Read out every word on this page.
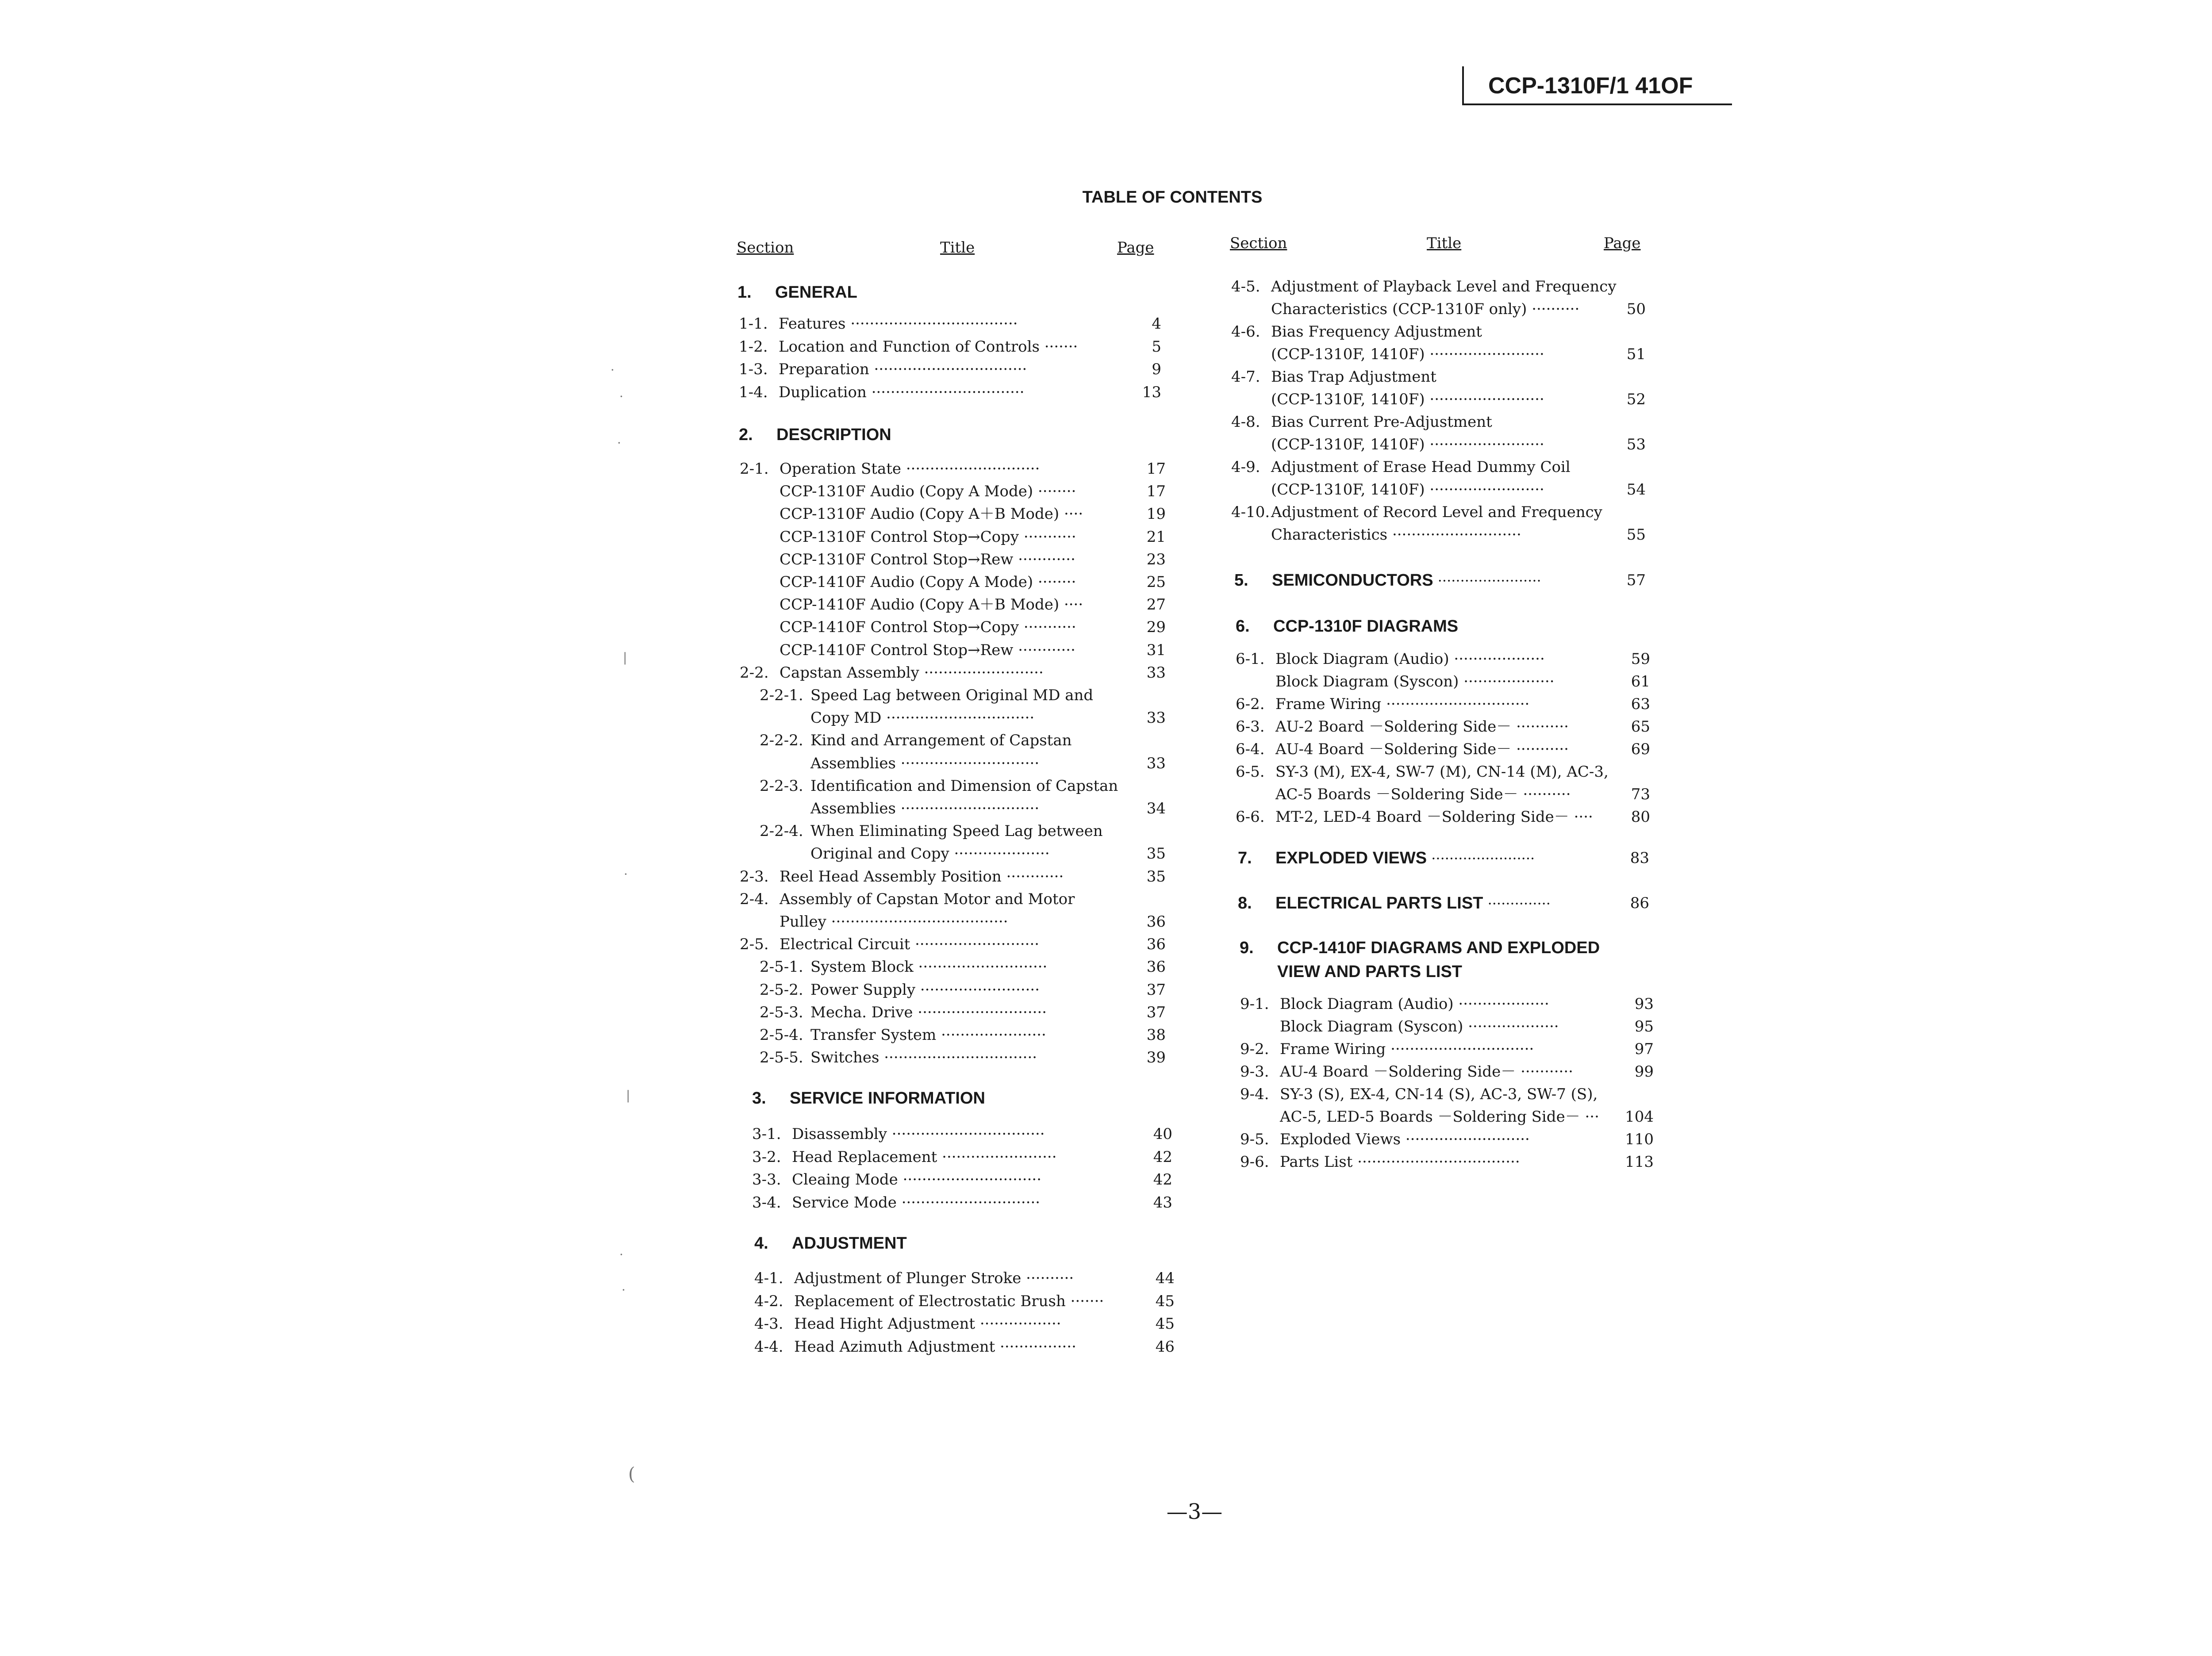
CCP-1310F/1 41OF
TABLE OF CONTENTS
Section	Title	Page	Section	Title	Page
1. GENERAL
1-1. Features ···································	4
1-2. Location and Function of Controls ·······	5
1-3. Preparation ································	9
1-4. Duplication ································	13
2. DESCRIPTION
2-1. Operation State ····························	17
CCP-1310F Audio (Copy A Mode) ········	17
CCP-1310F Audio (Copy A＋B Mode) ····	19
CCP-1310F Control Stop→Copy ···········	21
CCP-1310F Control Stop→Rew ············	23
CCP-1410F Audio (Copy A Mode) ········	25
CCP-1410F Audio (Copy A＋B Mode) ····	27
CCP-1410F Control Stop→Copy ···········	29
CCP-1410F Control Stop→Rew ············	31
2-2. Capstan Assembly ·························	33
2-2-1. Speed Lag between Original MD and
Copy MD ·······························	33
2-2-2. Kind and Arrangement of Capstan
Assemblies ·····························	33
2-2-3. Identification and Dimension of Capstan
Assemblies ·····························	34
2-2-4. When Eliminating Speed Lag between
Original and Copy ····················	35
2-3. Reel Head Assembly Position ············	35
2-4. Assembly of Capstan Motor and Motor
Pulley ·····································	36
2-5. Electrical Circuit ··························	36
2-5-1. System Block ···························	36
2-5-2. Power Supply ·························	37
2-5-3. Mecha. Drive ···························	37
2-5-4. Transfer System ······················	38
2-5-5. Switches ································	39
3. SERVICE INFORMATION
3-1. Disassembly ································	40
3-2. Head Replacement ························	42
3-3. Cleaing Mode ·····························	42
3-4. Service Mode ·····························	43
4. ADJUSTMENT
4-1. Adjustment of Plunger Stroke ··········	44
4-2. Replacement of Electrostatic Brush ·······	45
4-3. Head Hight Adjustment ·················	45
4-4. Head Azimuth Adjustment ················	46
4-5. Adjustment of Playback Level and Frequency
Characteristics (CCP-1310F only) ··········	50
4-6. Bias Frequency Adjustment
(CCP-1310F, 1410F) ························	51
4-7. Bias Trap Adjustment
(CCP-1310F, 1410F) ························	52
4-8. Bias Current Pre-Adjustment
(CCP-1310F, 1410F) ························	53
4-9. Adjustment of Erase Head Dummy Coil
(CCP-1310F, 1410F) ························	54
4-10. Adjustment of Record Level and Frequency
Characteristics ···························	55
5. SEMICONDUCTORS ·······················	57
6. CCP-1310F DIAGRAMS
6-1. Block Diagram (Audio) ···················	59
Block Diagram (Syscon) ···················	61
6-2. Frame Wiring ······························	63
6-3. AU-2 Board －Soldering Side－ ···········	65
6-4. AU-4 Board －Soldering Side－ ···········	69
6-5. SY-3 (M), EX-4, SW-7 (M), CN-14 (M), AC-3,
AC-5 Boards －Soldering Side－ ··········	73
6-6. MT-2, LED-4 Board －Soldering Side－ ····	80
7. EXPLODED VIEWS ·······················	83
8. ELECTRICAL PARTS LIST ··············	86
9. CCP-1410F DIAGRAMS AND EXPLODED
VIEW AND PARTS LIST
9-1. Block Diagram (Audio) ···················	93
Block Diagram (Syscon) ···················	95
9-2. Frame Wiring ······························	97
9-3. AU-4 Board －Soldering Side－ ···········	99
9-4. SY-3 (S), EX-4, CN-14 (S), AC-3, SW-7 (S),
AC-5, LED-5 Boards －Soldering Side－ ···	104
9-5. Exploded Views ··························	110
9-6. Parts List ··································	113
—3—
·
·
·
|
·
|
·
·
(
